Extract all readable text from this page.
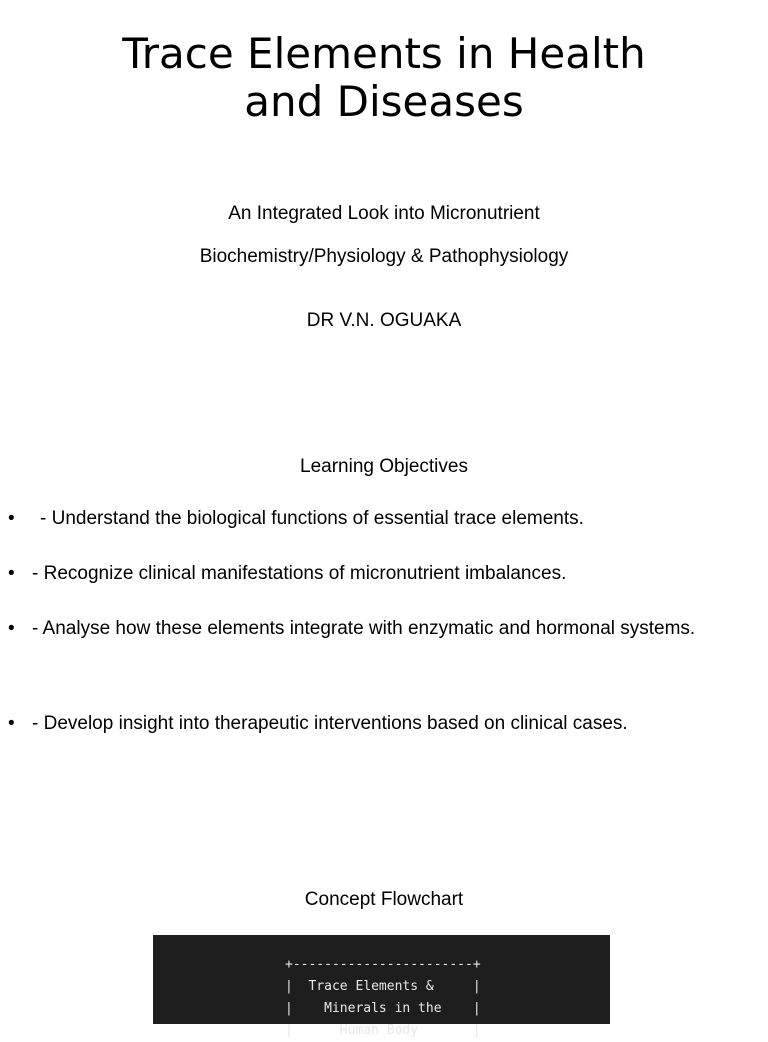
Trace Elements in Health
and Diseases
An Integrated Look into Micronutrient
Biochemistry/Physiology & Pathophysiology
DR V.N. OGUAKA
Learning Objectives
• - Understand the biological functions of essential trace elements.
• - Recognize clinical manifestations of micronutrient imbalances.
• - Analyse how these elements integrate with enzymatic and hormonal systems.
• - Develop insight into therapeutic interventions based on clinical cases.
Concept Flowchart
+-----------------------+
|  Trace Elements &     |
|    Minerals in the    |
|      Human Body       |
